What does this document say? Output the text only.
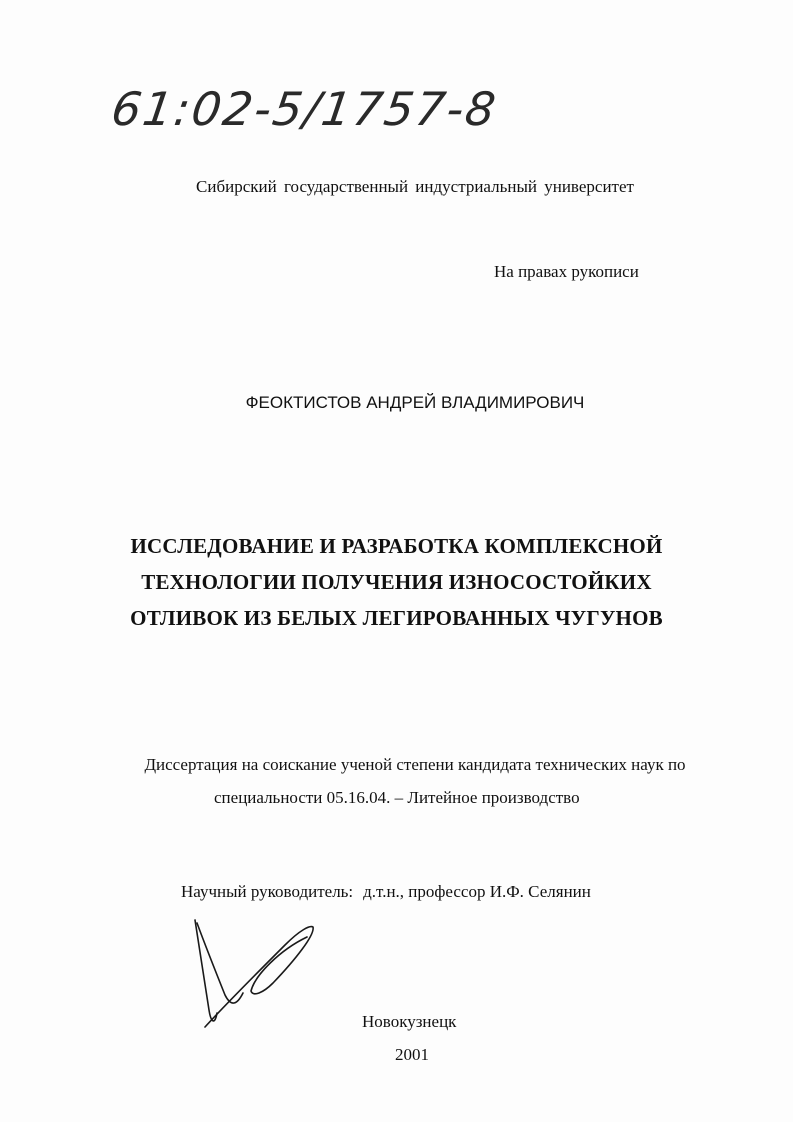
61:02-5/1757-8
Сибирский государственный индустриальный университет
На правах рукописи
ФЕОКТИСТОВ АНДРЕЙ ВЛАДИМИРОВИЧ
ИССЛЕДОВАНИЕ И РАЗРАБОТКА КОМПЛЕКСНОЙ
ТЕХНОЛОГИИ ПОЛУЧЕНИЯ ИЗНОСОСТОЙКИХ
ОТЛИВОК ИЗ БЕЛЫХ ЛЕГИРОВАННЫХ ЧУГУНОВ
Диссертация на соискание ученой степени кандидата технических наук по
специальности 05.16.04. – Литейное производство
Научный руководитель: д.т.н., профессор И.Ф. Селянин
Новокузнецк
2001
